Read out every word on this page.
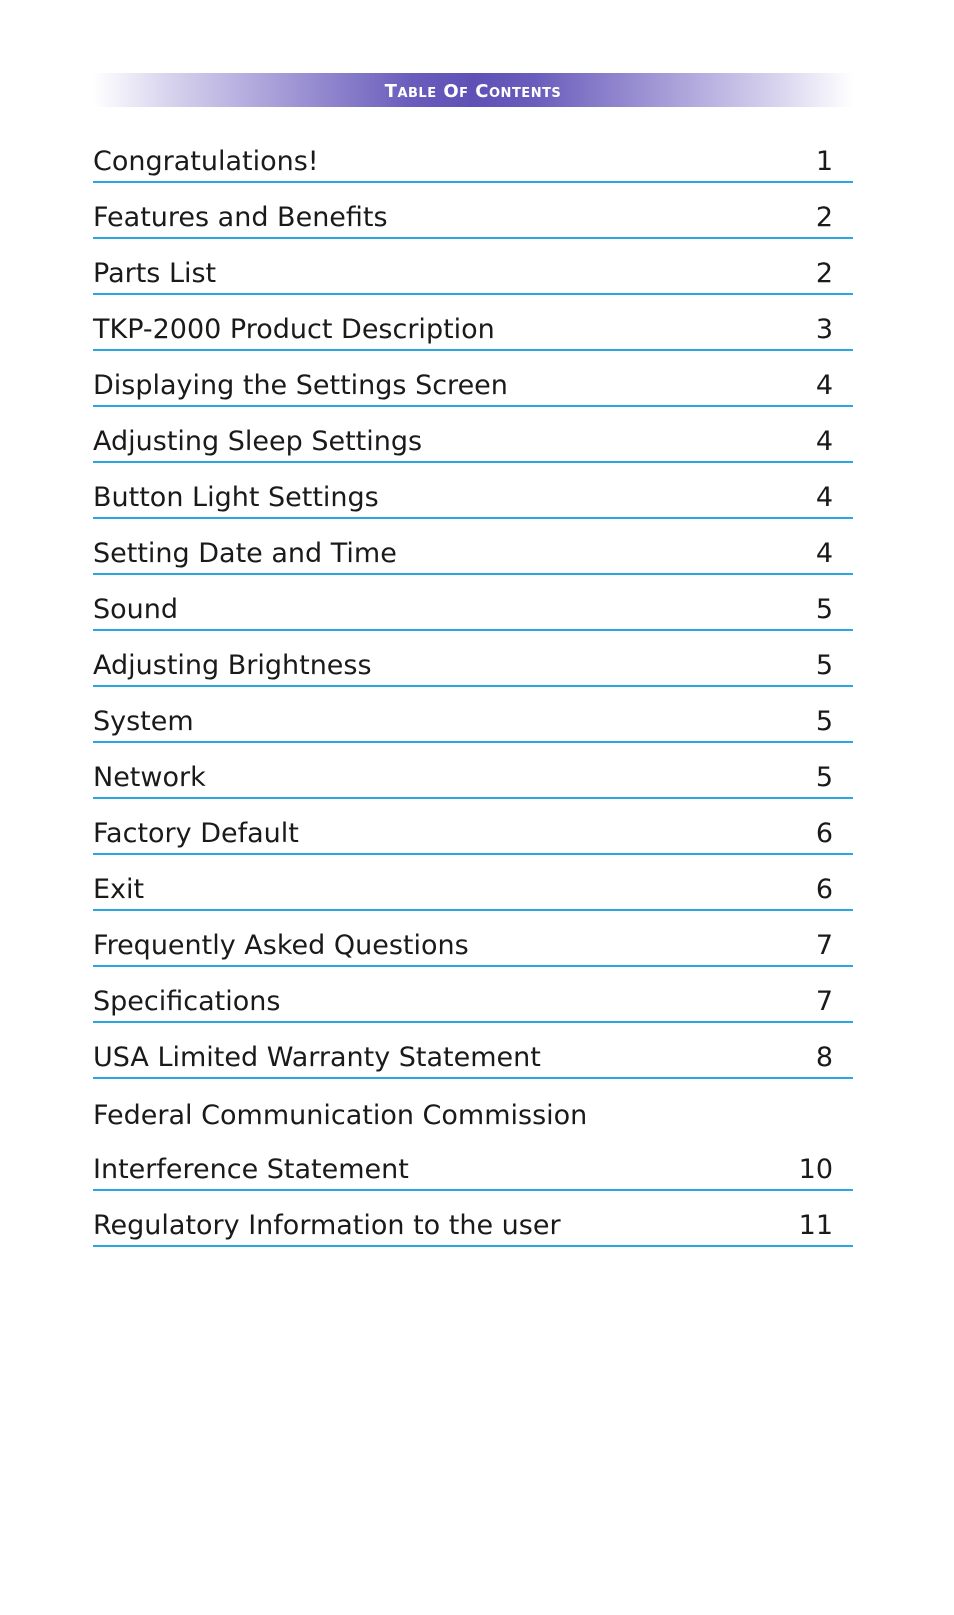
Table Of Contents
Congratulations!	1
Features and Benefits	2
Parts List	2
TKP-2000 Product Description	3
Displaying the Settings Screen	4
Adjusting Sleep Settings	4
Button Light Settings	4
Setting Date and Time	4
Sound	5
Adjusting Brightness	5
System	5
Network	5
Factory Default	6
Exit	6
Frequently Asked Questions	7
Specifications	7
USA Limited Warranty Statement	8
Federal Communication Commission
Interference Statement	10
Regulatory Information to the user	11
